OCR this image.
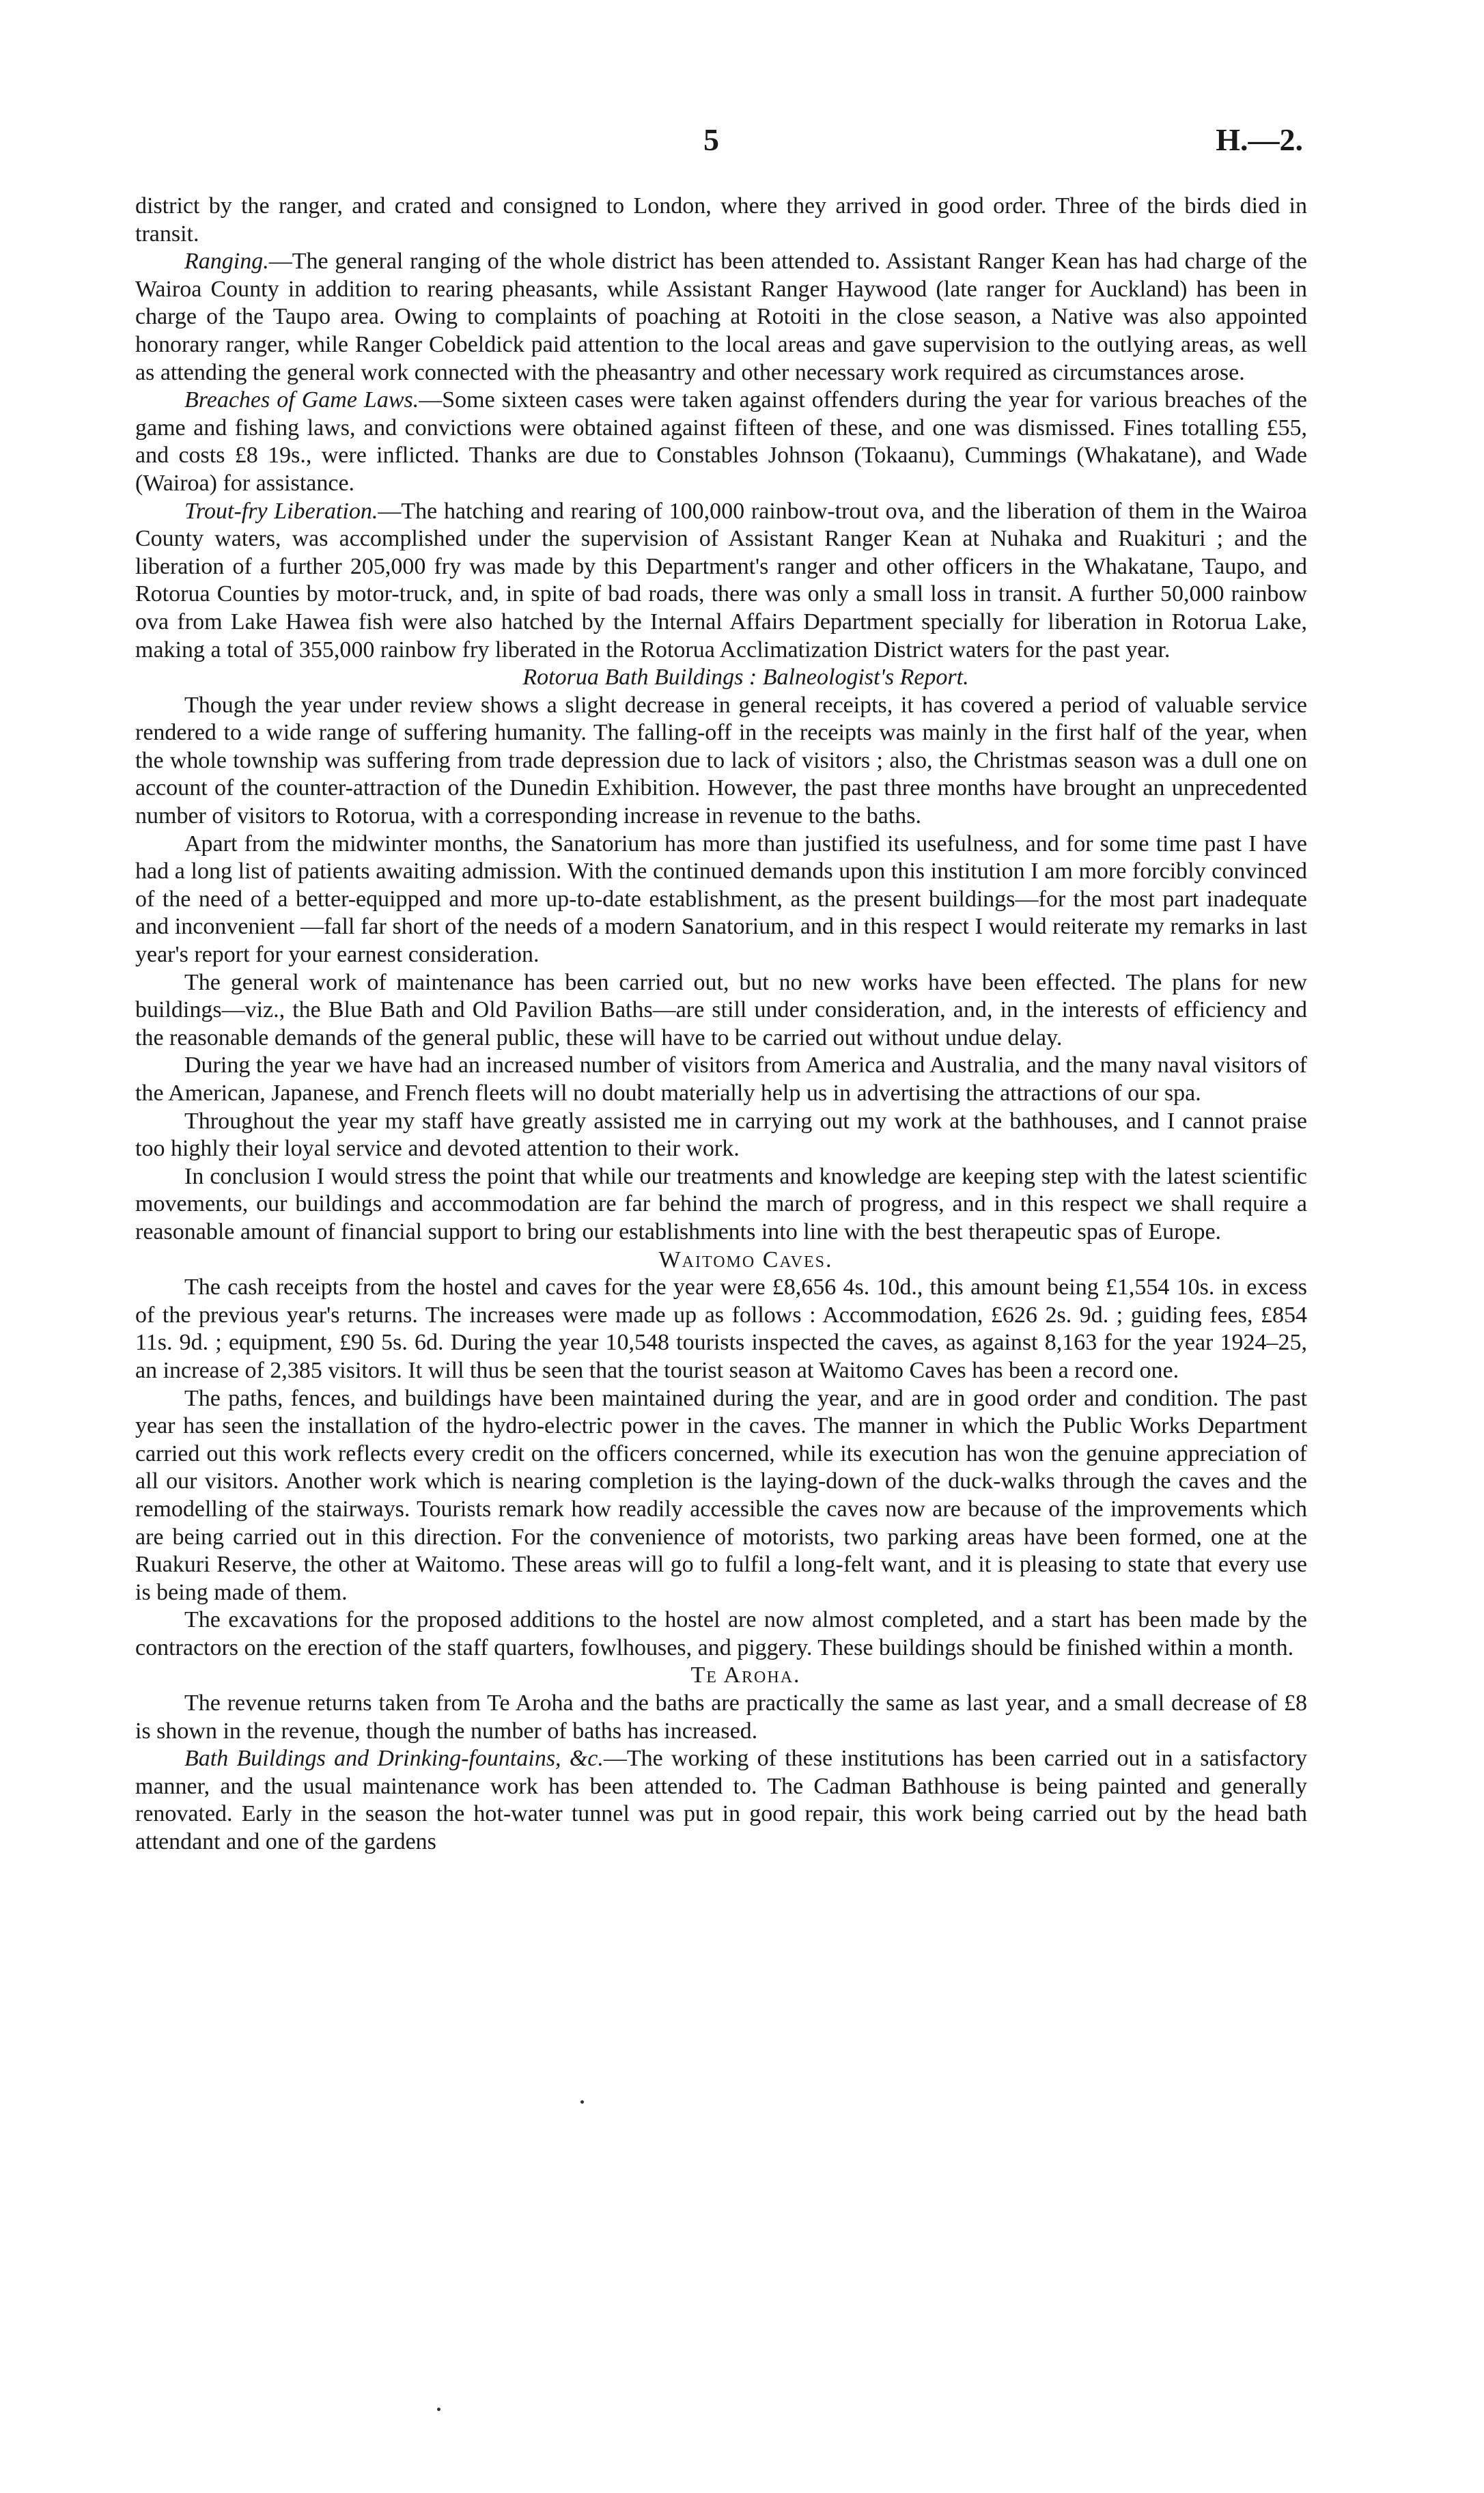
5	H.—2.

district by the ranger, and crated and consigned to London, where they arrived in good order. Three of the birds died in transit.

Ranging.—The general ranging of the whole district has been attended to. Assistant Ranger Kean has had charge of the Wairoa County in addition to rearing pheasants, while Assistant Ranger Haywood (late ranger for Auckland) has been in charge of the Taupo area. Owing to complaints of poaching at Rotoiti in the close season, a Native was also appointed honorary ranger, while Ranger Cobeldick paid attention to the local areas and gave supervision to the outlying areas, as well as attending the general work connected with the pheasantry and other necessary work required as circumstances arose.

Breaches of Game Laws.—Some sixteen cases were taken against offenders during the year for various breaches of the game and fishing laws, and convictions were obtained against fifteen of these, and one was dismissed. Fines totalling £55, and costs £8 19s., were inflicted. Thanks are due to Constables Johnson (Tokaanu), Cummings (Whakatane), and Wade (Wairoa) for assistance.

Trout-fry Liberation.—The hatching and rearing of 100,000 rainbow-trout ova, and the liberation of them in the Wairoa County waters, was accomplished under the supervision of Assistant Ranger Kean at Nuhaka and Ruakituri ; and the liberation of a further 205,000 fry was made by this Department's ranger and other officers in the Whakatane, Taupo, and Rotorua Counties by motor-truck, and, in spite of bad roads, there was only a small loss in transit. A further 50,000 rainbow ova from Lake Hawea fish were also hatched by the Internal Affairs Department specially for liberation in Rotorua Lake, making a total of 355,000 rainbow fry liberated in the Rotorua Acclimatization District waters for the past year.

Rotorua Bath Buildings : Balneologist's Report.

Though the year under review shows a slight decrease in general receipts, it has covered a period of valuable service rendered to a wide range of suffering humanity. The falling-off in the receipts was mainly in the first half of the year, when the whole township was suffering from trade depression due to lack of visitors ; also, the Christmas season was a dull one on account of the counter-attraction of the Dunedin Exhibition. However, the past three months have brought an unprecedented number of visitors to Rotorua, with a corresponding increase in revenue to the baths.

Apart from the midwinter months, the Sanatorium has more than justified its usefulness, and for some time past I have had a long list of patients awaiting admission. With the continued demands upon this institution I am more forcibly convinced of the need of a better-equipped and more up-to-date establishment, as the present buildings—for the most part inadequate and inconvenient —fall far short of the needs of a modern Sanatorium, and in this respect I would reiterate my remarks in last year's report for your earnest consideration.

The general work of maintenance has been carried out, but no new works have been effected. The plans for new buildings—viz., the Blue Bath and Old Pavilion Baths—are still under consideration, and, in the interests of efficiency and the reasonable demands of the general public, these will have to be carried out without undue delay.

During the year we have had an increased number of visitors from America and Australia, and the many naval visitors of the American, Japanese, and French fleets will no doubt materially help us in advertising the attractions of our spa.

Throughout the year my staff have greatly assisted me in carrying out my work at the bathhouses, and I cannot praise too highly their loyal service and devoted attention to their work.

In conclusion I would stress the point that while our treatments and knowledge are keeping step with the latest scientific movements, our buildings and accommodation are far behind the march of progress, and in this respect we shall require a reasonable amount of financial support to bring our establishments into line with the best therapeutic spas of Europe.

Waitomo Caves.

The cash receipts from the hostel and caves for the year were £8,656 4s. 10d., this amount being £1,554 10s. in excess of the previous year's returns. The increases were made up as follows : Accommodation, £626 2s. 9d. ; guiding fees, £854 11s. 9d. ; equipment, £90 5s. 6d. During the year 10,548 tourists inspected the caves, as against 8,163 for the year 1924–25, an increase of 2,385 visitors. It will thus be seen that the tourist season at Waitomo Caves has been a record one.

The paths, fences, and buildings have been maintained during the year, and are in good order and condition. The past year has seen the installation of the hydro-electric power in the caves. The manner in which the Public Works Department carried out this work reflects every credit on the officers concerned, while its execution has won the genuine appreciation of all our visitors. Another work which is nearing completion is the laying-down of the duck-walks through the caves and the remodelling of the stairways. Tourists remark how readily accessible the caves now are because of the improvements which are being carried out in this direction. For the convenience of motorists, two parking areas have been formed, one at the Ruakuri Reserve, the other at Waitomo. These areas will go to fulfil a long-felt want, and it is pleasing to state that every use is being made of them.

The excavations for the proposed additions to the hostel are now almost completed, and a start has been made by the contractors on the erection of the staff quarters, fowlhouses, and piggery. These buildings should be finished within a month.

Te Aroha.

The revenue returns taken from Te Aroha and the baths are practically the same as last year, and a small decrease of £8 is shown in the revenue, though the number of baths has increased.

Bath Buildings and Drinking-fountains, &c.—The working of these institutions has been carried out in a satisfactory manner, and the usual maintenance work has been attended to. The Cadman Bathhouse is being painted and generally renovated. Early in the season the hot-water tunnel was put in good repair, this work being carried out by the head bath attendant and one of the gardens
